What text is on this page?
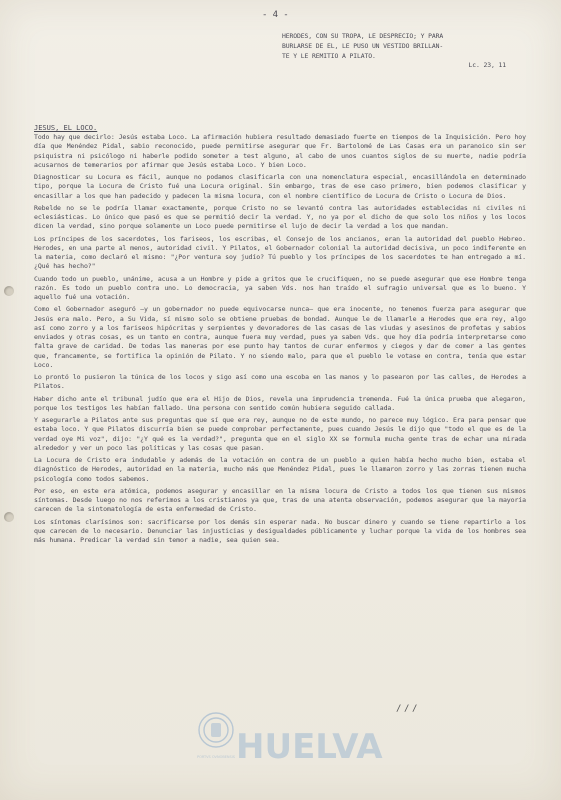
- 4 -
HERODES, CON SU TROPA, LE DESPRECIO; Y PARA
BURLARSE DE EL, LE PUSO UN VESTIDO BRILLAN-
TE Y LE REMITIO A PILATO.
Lc. 23, 11
JESUS, EL LOCO.

Todo hay que decirlo: Jesús estaba Loco. La afirmación hubiera resultado demasiado fuerte en tiempos de la Inquisición. Pero hoy día que Menéndez Pidal, sabio reconocido, puede permitirse asegurar que Fr. Bartolomé de Las Casas era un paranoico sin ser psiquistra ni psicólogo ni haberle podido someter a test alguno, al cabo de unos cuantos siglos de su muerte, nadie podría acusarnos de temerarios por afirmar que Jesús estaba Loco. Y bien Loco.

Diagnosticar su Locura es fácil, aunque no podamos clasificarla con una nomenclatura especial, encasillándola en determinado tipo, porque la Locura de Cristo fué una Locura original. Sin embargo, tras de ese caso primero, bien podemos clasificar y encasillar a los que han padecido y padecen la misma locura, con el nombre científico de Locura de Cristo o Locura de Dios.

Rebelde no se le podría llamar exactamente, porque Cristo no se levantó contra las autoridades establecidas ni civiles ni eclesiásticas. Lo único que pasó es que se permitió decir la verdad. Y, no ya por el dicho de que solo los niños y los locos dicen la verdad, sino porque solamente un Loco puede permitirse el lujo de decir la verdad a los que mandan.

Los príncipes de los sacerdotes, los fariseos, los escribas, el Consejo de los ancianos, eran la autoridad del pueblo Hebreo. Herodes, en una parte al menos, autoridad civil. Y Pilatos, el Gobernador colonial la autoridad decisiva, un poco indiferente en la materia, como declaró el mismo: "¿Por ventura soy judío? Tú pueblo y los príncipes de los sacerdotes te han entregado a mí. ¿Qué has hecho?"

Cuando todo un pueblo, unánime, acusa a un Hombre y pide a gritos que le crucifiquen, no se puede asegurar que ese Hombre tenga razón. Es todo un pueblo contra uno. Lo democracia, ya saben Vds. nos han traído el sufragio universal que es lo bueno. Y aquello fué una votación.

Como el Gobernador aseguró —y un gobernador no puede equivocarse nunca— que era inocente, no tenemos fuerza para asegurar que Jesús era malo. Pero, a Su Vida, sí mismo solo se obtiene pruebas de bondad. Aunque le de llamarle a Herodes que era rey, algo así como zorro y a los fariseos hipócritas y serpientes y devoradores de las casas de las viudas y asesinos de profetas y sabios enviados y otras cosas, es un tanto en contra, aunque fuera muy verdad, pues ya saben Vds. que hoy día podría interpretarse como falta grave de caridad. De todas las maneras por ese punto hay tantos de curar enfermos y ciegos y dar de comer a las gentes que, francamente, se fortifica la opinión de Pilato. Y no siendo malo, para que el pueblo le votase en contra, tenía que estar Loco.

Lo prontó lo pusieron la túnica de los locos y sigo así como una escoba en las manos y lo pasearon por las calles, de Herodes a Pilatos.

Haber dicho ante el tribunal judío que era el Hijo de Dios, revela una imprudencia tremenda. Fué la única prueba que alegaron, porque los testigos les habían fallado. Una persona con sentido común hubiera seguido callada.

Y asegurarle a Pilatos ante sus preguntas que sí que era rey, aunque no de este mundo, no parece muy lógico. Era para pensar que estaba loco. Y que Pilatos discurría bien se puede comprobar perfectamente, pues cuando Jesús le dijo que "todo el que es de la verdad oye Mi voz", dijo: "¿Y qué es la verdad?", pregunta que en el siglo XX se formula mucha gente tras de echar una mirada alrededor y ver un poco las políticas y las cosas que pasan.

La Locura de Cristo era indudable y además de la votación en contra de un pueblo a quien había hecho mucho bien, estaba el diagnóstico de Herodes, autoridad en la materia, mucho más que Menéndez Pidal, pues le llamaron zorro y las zorras tienen mucha psicología como todos sabemos.

Por eso, en este era atómica, podemos asegurar y encasillar en la misma locura de Cristo a todos los que tienen sus mismos síntomas. Desde luego no nos referimos a los cristianos ya que, tras de una atenta observación, podemos asegurar que la mayoría carecen de la sintomatología de esta enfermedad de Cristo.

Los síntomas clarísimos son: sacrificarse por los demás sin esperar nada. No buscar dinero y cuando se tiene repartirlo a los que carecen de lo necesario. Denunciar las injusticias y desigualdades públicamente y luchar porque la vida de los hombres sea más humana. Predicar la verdad sin temor a nadie, sea quien sea.

/ / /
PORTVS OVNOBENSIS HUELVA
